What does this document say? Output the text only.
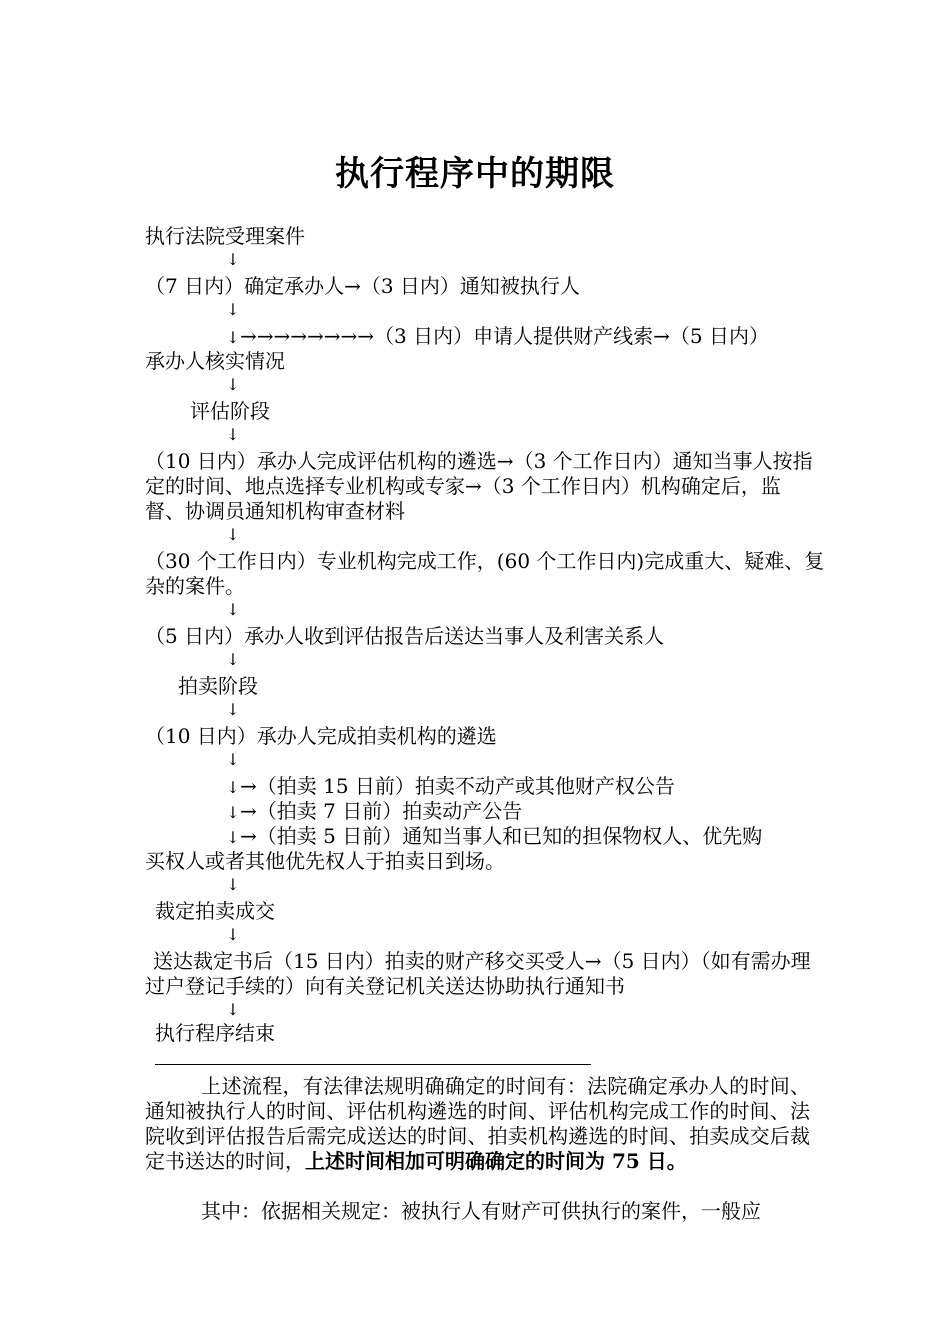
执行程序中的期限
执行法院受理案件
↓
（7 日内）确定承办人→（3 日内）通知被执行人
↓
↓→→→→→→→→（3 日内）申请人提供财产线索→（5 日内）
承办人核实情况
↓
评估阶段
↓
（10 日内）承办人完成评估机构的遴选→（3 个工作日内）通知当事人按指定的时间、地点选择专业机构或专家→（3 个工作日内）机构确定后，监督、协调员通知机构审查材料
↓
（30 个工作日内）专业机构完成工作，(60 个工作日内)完成重大、疑难、复杂的案件。
↓
（5 日内）承办人收到评估报告后送达当事人及利害关系人
↓
拍卖阶段
↓
（10 日内）承办人完成拍卖机构的遴选
↓
↓→（拍卖 15 日前）拍卖不动产或其他财产权公告
↓→（拍卖 7 日前）拍卖动产公告
↓→（拍卖 5 日前）通知当事人和已知的担保物权人、优先购
买权人或者其他优先权人于拍卖日到场。
↓
裁定拍卖成交
↓
送达裁定书后（15 日内）拍卖的财产移交买受人→（5 日内）（如有需办理过户登记手续的）向有关登记机关送达协助执行通知书
↓
执行程序结束
上述流程，有法律法规明确确定的时间有：法院确定承办人的时间、通知被执行人的时间、评估机构遴选的时间、评估机构完成工作的时间、法院收到评估报告后需完成送达的时间、拍卖机构遴选的时间、拍卖成交后裁定书送达的时间，上述时间相加可明确确定的时间为 75 日。
其中：依据相关规定：被执行人有财产可供执行的案件，一般应
